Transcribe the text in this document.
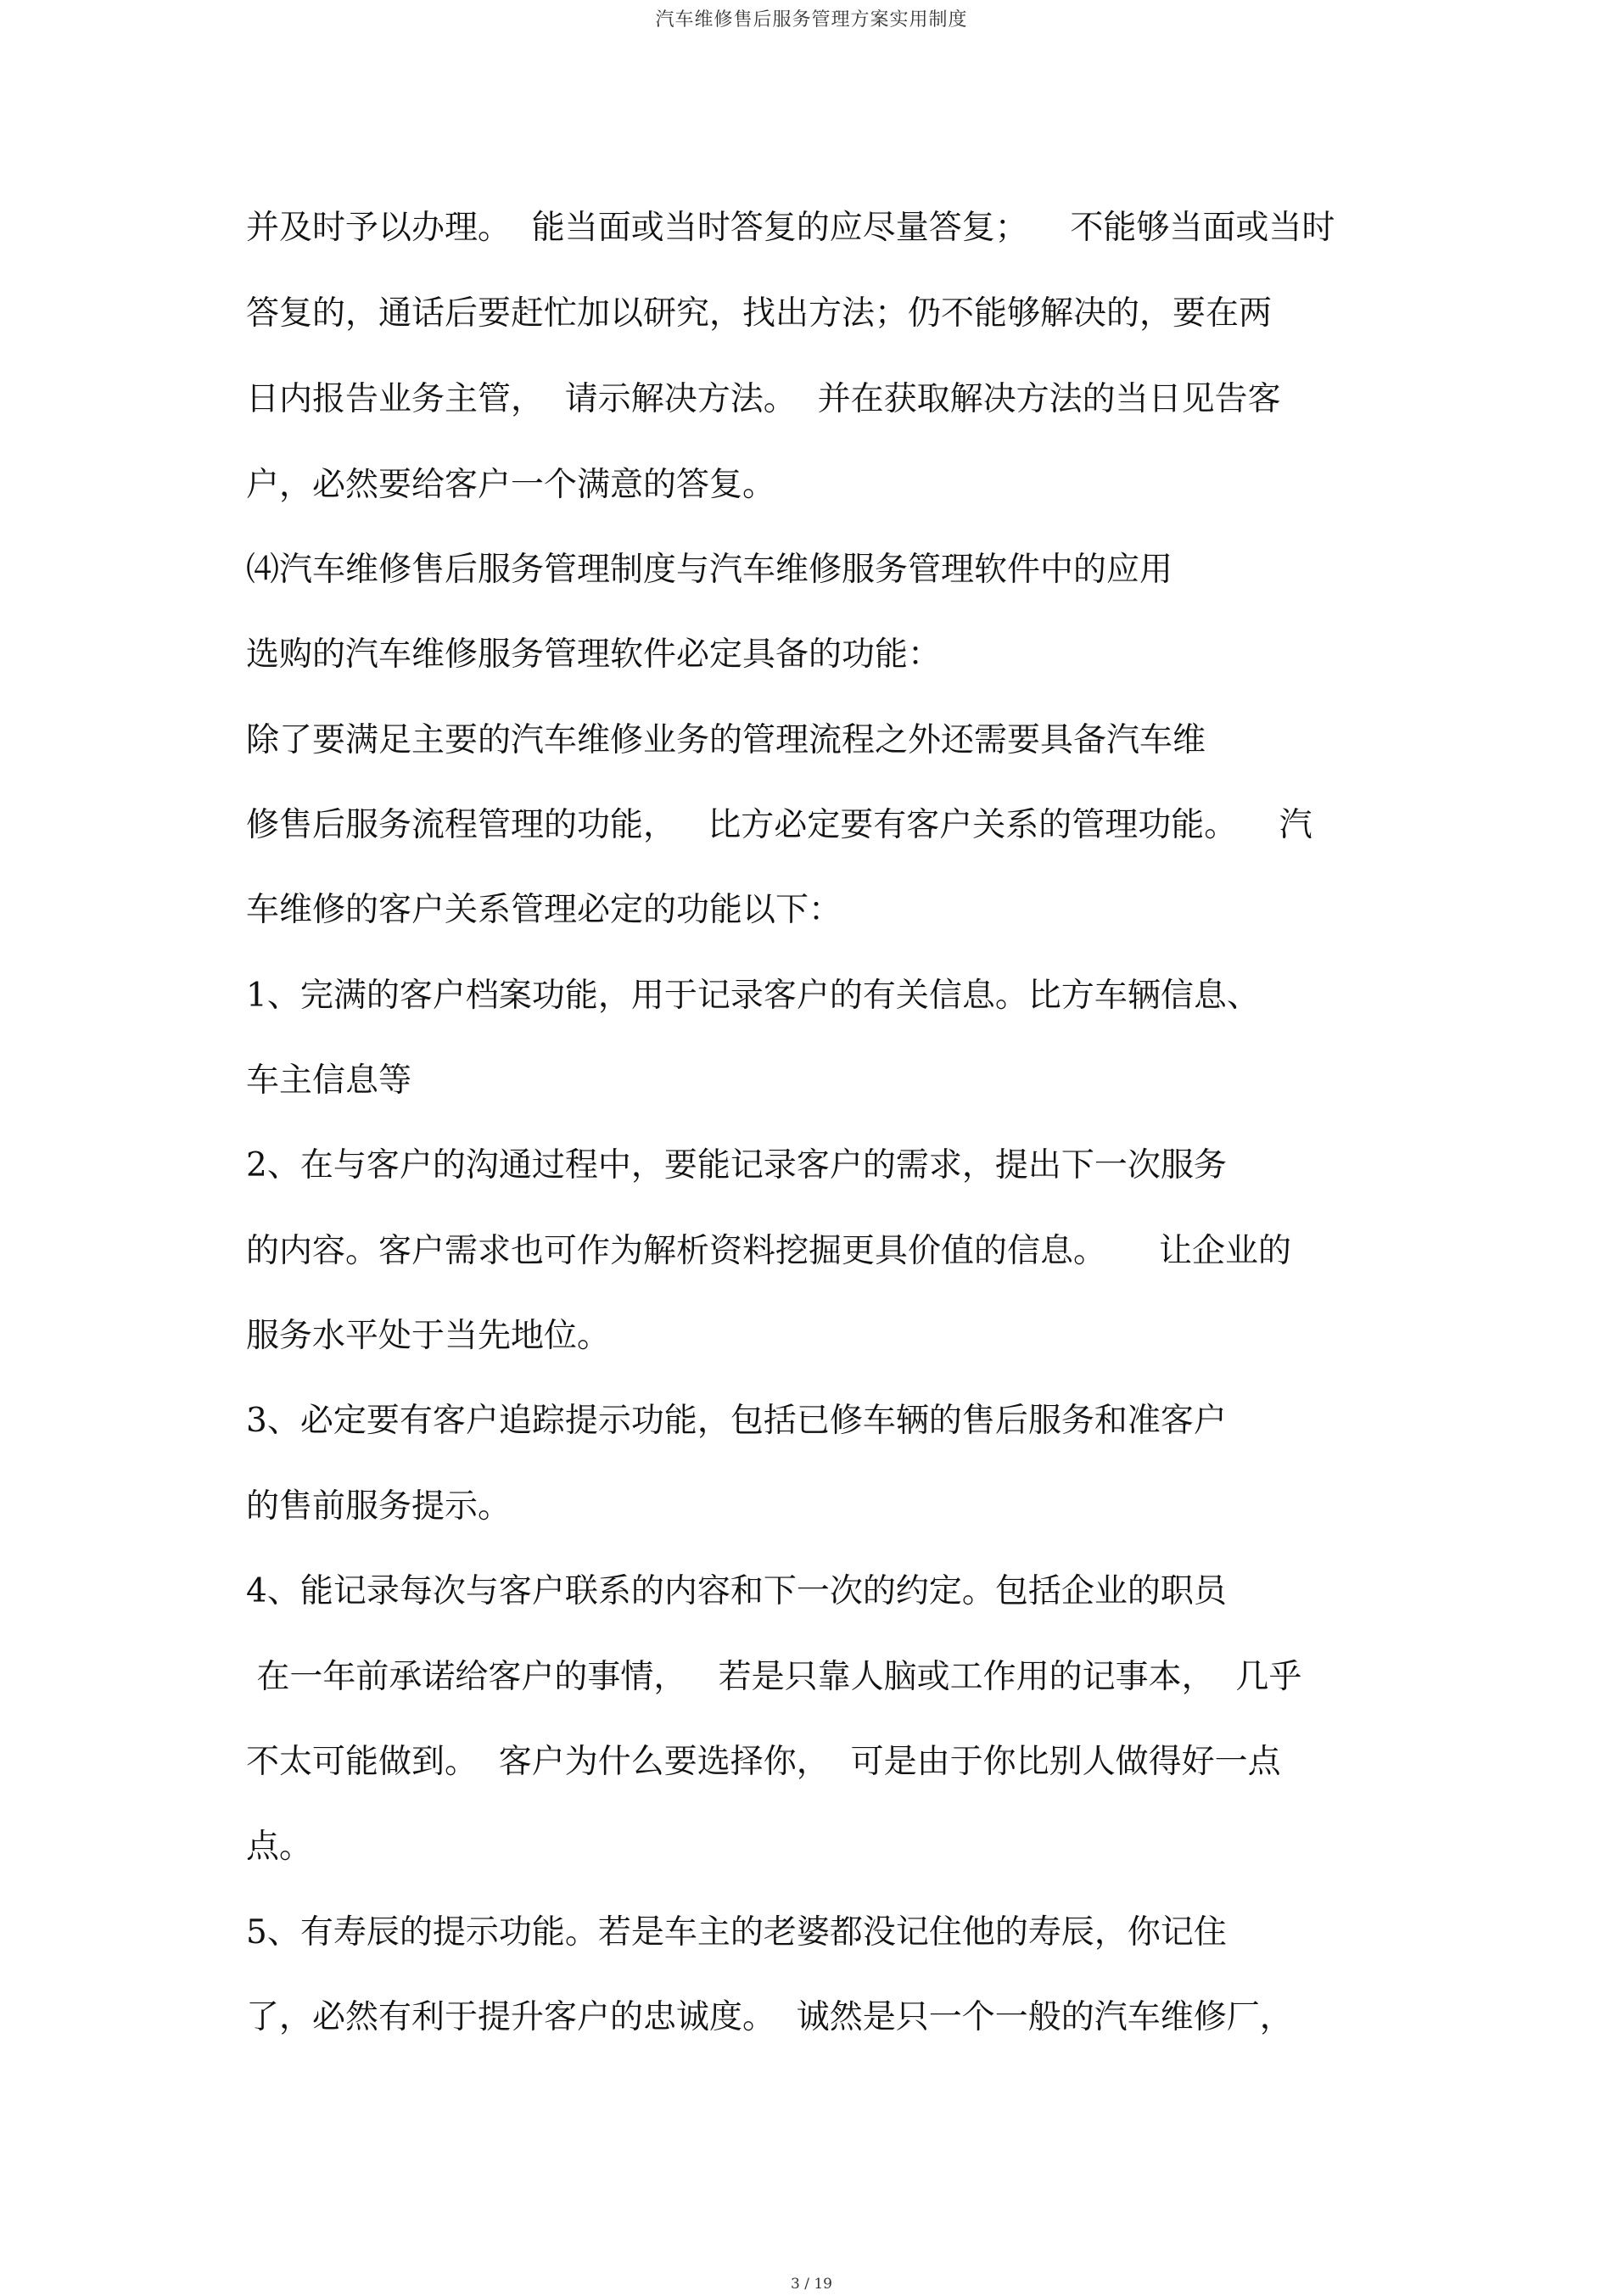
汽车维修售后服务管理方案实用制度
并及时予以办理。  能当面或当时答复的应尽量答复；    不能够当面或当时
答复的，通话后要赶忙加以研究，找出方法；仍不能够解决的，要在两
日内报告业务主管，  请示解决方法。  并在获取解决方法的当日见告客
户，必然要给客户一个满意的答复。
⑷汽车维修售后服务管理制度与汽车维修服务管理软件中的应用
选购的汽车维修服务管理软件必定具备的功能：
除了要满足主要的汽车维修业务的管理流程之外还需要具备汽车维
修售后服务流程管理的功能，   比方必定要有客户关系的管理功能。    汽
车维修的客户关系管理必定的功能以下：
1、完满的客户档案功能，用于记录客户的有关信息。比方车辆信息、
车主信息等
2、在与客户的沟通过程中，要能记录客户的需求，提出下一次服务
的内容。客户需求也可作为解析资料挖掘更具价值的信息。     让企业的
服务水平处于当先地位。
3、必定要有客户追踪提示功能，包括已修车辆的售后服务和准客户
的售前服务提示。
4、能记录每次与客户联系的内容和下一次的约定。包括企业的职员
在一年前承诺给客户的事情，   若是只靠人脑或工作用的记事本，  几乎
不太可能做到。  客户为什么要选择你，  可是由于你比别人做得好一点
点。
5、有寿辰的提示功能。若是车主的老婆都没记住他的寿辰，你记住
了，必然有利于提升客户的忠诚度。  诚然是只一个一般的汽车维修厂，
3 / 19
